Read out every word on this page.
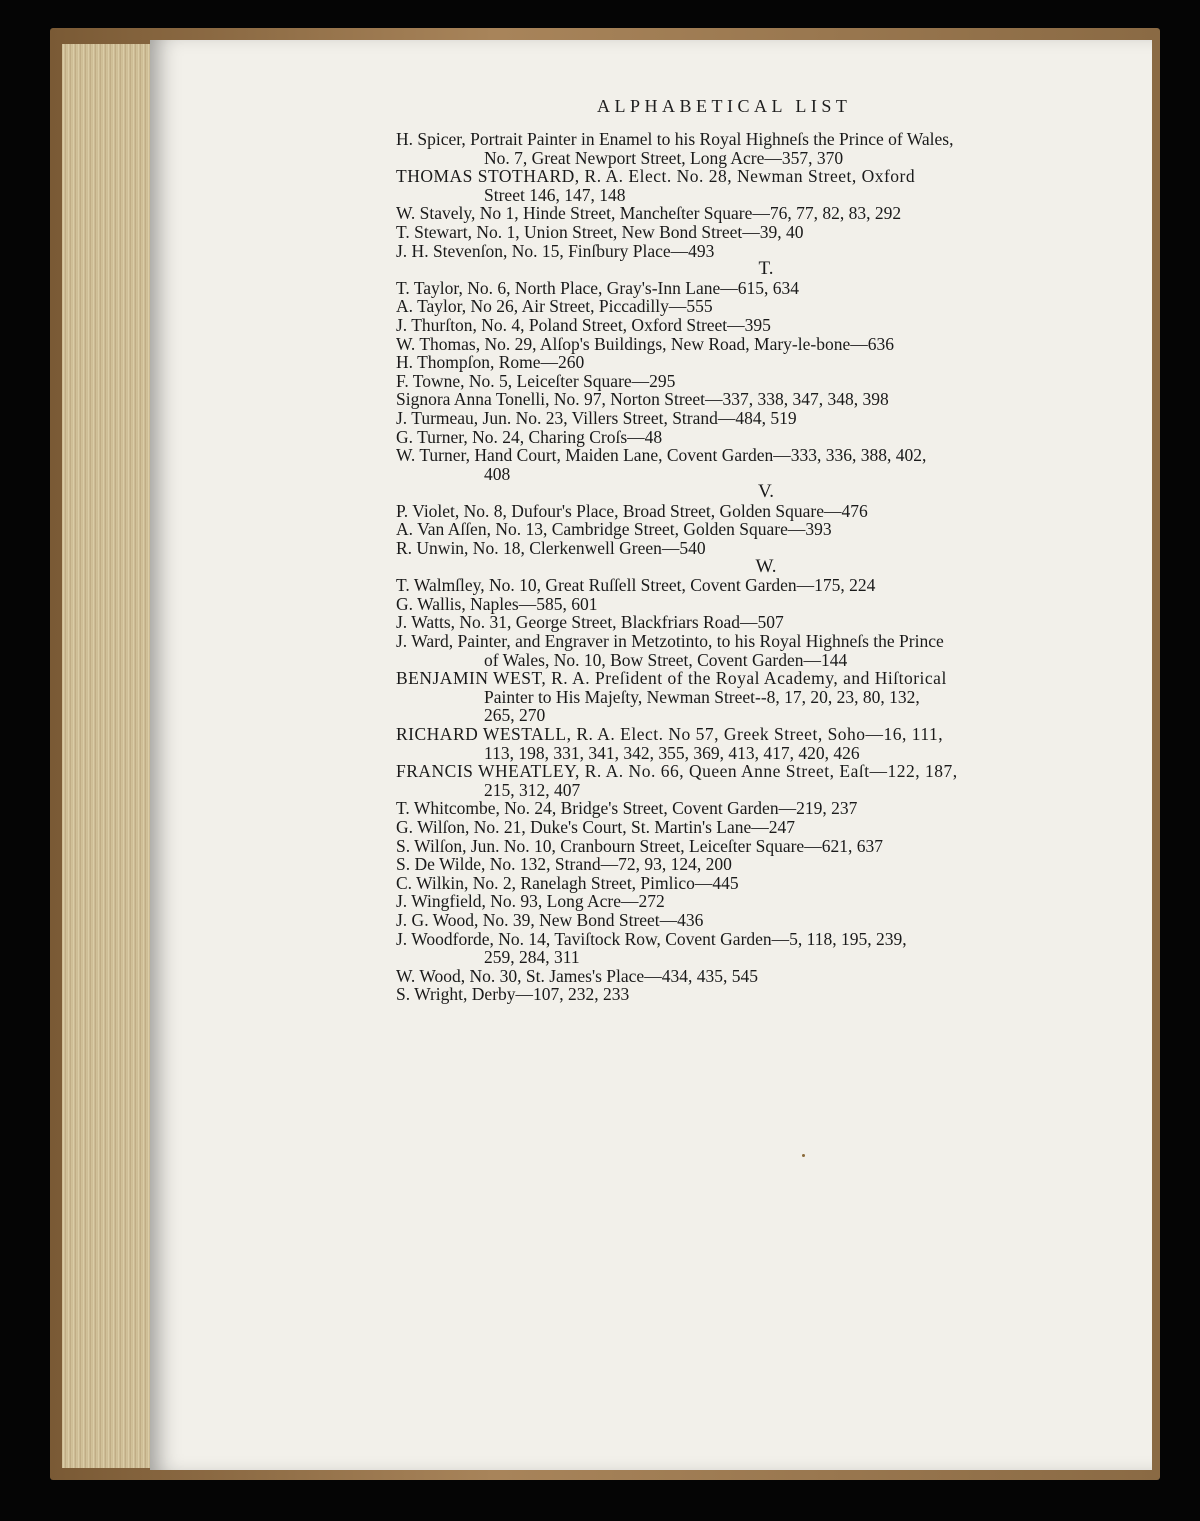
ALPHABETICAL LIST
H. Spicer, Portrait Painter in Enamel to his Royal Highneſs the Prince of Wales,
No. 7, Great Newport Street, Long Acre—357, 370
THOMAS STOTHARD, R. A. Elect. No. 28, Newman Street, Oxford
Street 146, 147, 148
W. Stavely, No 1, Hinde Street, Mancheſter Square—76, 77, 82, 83, 292
T. Stewart, No. 1, Union Street, New Bond Street—39, 40
J. H. Stevenſon, No. 15, Finſbury Place—493
T.
T. Taylor, No. 6, North Place, Gray's-Inn Lane—615, 634
A. Taylor, No 26, Air Street, Piccadilly—555
J. Thurſton, No. 4, Poland Street, Oxford Street—395
W. Thomas, No. 29, Alſop's Buildings, New Road, Mary-le-bone—636
H. Thompſon, Rome—260
F. Towne, No. 5, Leiceſter Square—295
Signora Anna Tonelli, No. 97, Norton Street—337, 338, 347, 348, 398
J. Turmeau, Jun. No. 23, Villers Street, Strand—484, 519
G. Turner, No. 24, Charing Croſs—48
W. Turner, Hand Court, Maiden Lane, Covent Garden—333, 336, 388, 402,
408
V.
P. Violet, No. 8, Dufour's Place, Broad Street, Golden Square—476
A. Van Aſſen, No. 13, Cambridge Street, Golden Square—393
R. Unwin, No. 18, Clerkenwell Green—540
W.
T. Walmſley, No. 10, Great Ruſſell Street, Covent Garden—175, 224
G. Wallis, Naples—585, 601
J. Watts, No. 31, George Street, Blackfriars Road—507
J. Ward, Painter, and Engraver in Metzotinto, to his Royal Highneſs the Prince
of Wales, No. 10, Bow Street, Covent Garden—144
BENJAMIN WEST, R. A. Preſident of the Royal Academy, and Hiſtorical
Painter to His Majeſty, Newman Street--8, 17, 20, 23, 80, 132,
265, 270
RICHARD WESTALL, R. A. Elect. No 57, Greek Street, Soho—16, 111,
113, 198, 331, 341, 342, 355, 369, 413, 417, 420, 426
FRANCIS WHEATLEY, R. A. No. 66, Queen Anne Street, Eaſt—122, 187,
215, 312, 407
T. Whitcombe, No. 24, Bridge's Street, Covent Garden—219, 237
G. Wilſon, No. 21, Duke's Court, St. Martin's Lane—247
S. Wilſon, Jun. No. 10, Cranbourn Street, Leiceſter Square—621, 637
S. De Wilde, No. 132, Strand—72, 93, 124, 200
C. Wilkin, No. 2, Ranelagh Street, Pimlico—445
J. Wingfield, No. 93, Long Acre—272
J. G. Wood, No. 39, New Bond Street—436
J. Woodforde, No. 14, Taviſtock Row, Covent Garden—5, 118, 195, 239,
259, 284, 311
W. Wood, No. 30, St. James's Place—434, 435, 545
S. Wright, Derby—107, 232, 233
